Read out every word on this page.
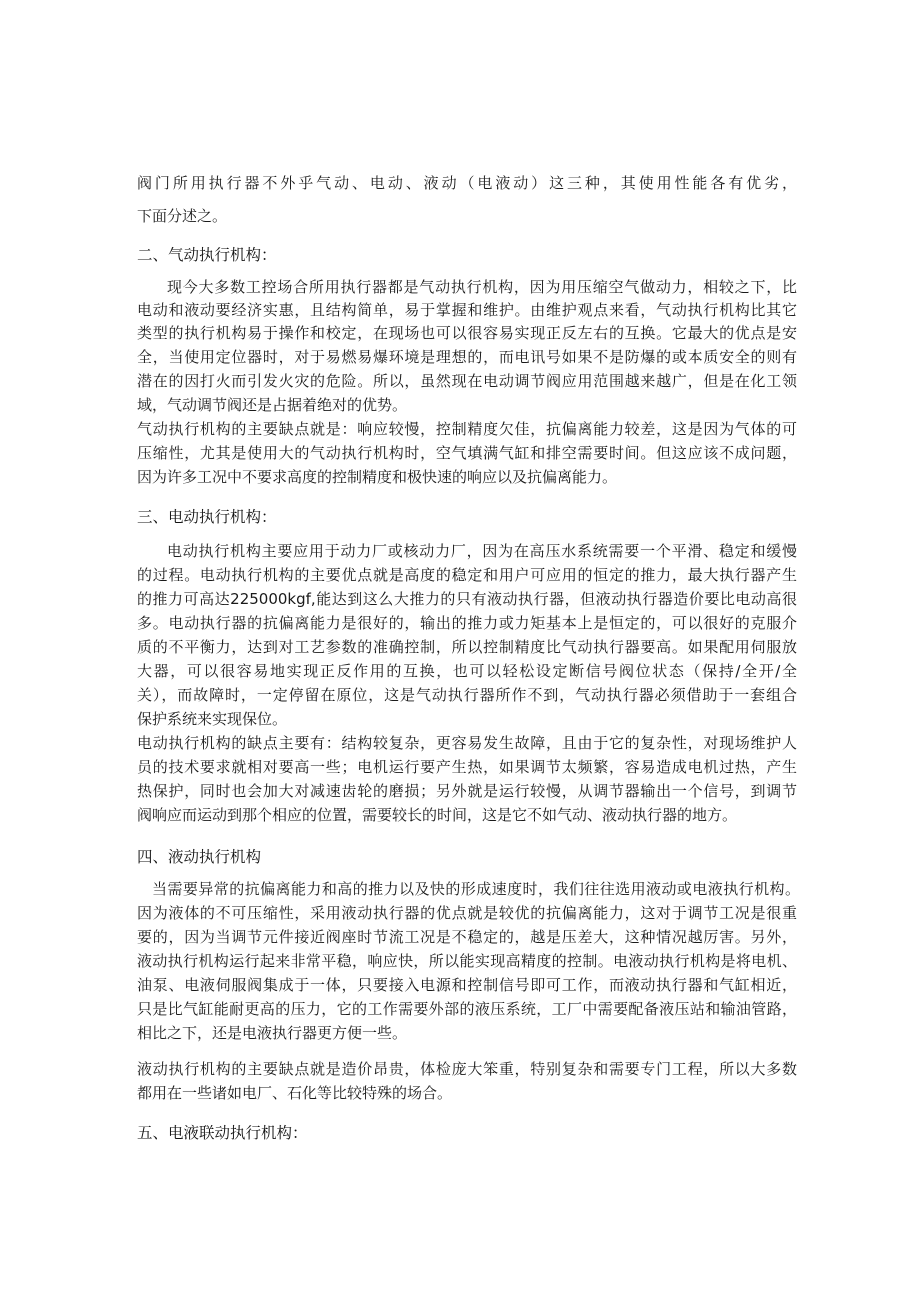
阀门所用执行器不外乎气动、电动、液动（电液动）这三种，其使用性能各有优劣，
下面分述之。
二、气动执行机构：
现今大多数工控场合所用执行器都是气动执行机构，因为用压缩空气做动力，相较之下，比
电动和液动要经济实惠，且结构简单，易于掌握和维护。由维护观点来看，气动执行机构比其它
类型的执行机构易于操作和校定，在现场也可以很容易实现正反左右的互换。它最大的优点是安
全，当使用定位器时，对于易燃易爆环境是理想的，而电讯号如果不是防爆的或本质安全的则有
潜在的因打火而引发火灾的危险。所以，虽然现在电动调节阀应用范围越来越广，但是在化工领
域，气动调节阀还是占据着绝对的优势。
气动执行机构的主要缺点就是：响应较慢，控制精度欠佳，抗偏离能力较差，这是因为气体的可
压缩性，尤其是使用大的气动执行机构时，空气填满气缸和排空需要时间。但这应该不成问题，
因为许多工况中不要求高度的控制精度和极快速的响应以及抗偏离能力。
三、电动执行机构：
电动执行机构主要应用于动力厂或核动力厂，因为在高压水系统需要一个平滑、稳定和缓慢
的过程。电动执行机构的主要优点就是高度的稳定和用户可应用的恒定的推力，最大执行器产生
的推力可高达225000kgf,能达到这么大推力的只有液动执行器，但液动执行器造价要比电动高很
多。电动执行器的抗偏离能力是很好的，输出的推力或力矩基本上是恒定的，可以很好的克服介
质的不平衡力，达到对工艺参数的准确控制，所以控制精度比气动执行器要高。如果配用伺服放
大器，可以很容易地实现正反作用的互换，也可以轻松设定断信号阀位状态（保持/全开/全
关），而故障时，一定停留在原位，这是气动执行器所作不到，气动执行器必须借助于一套组合
保护系统来实现保位。
电动执行机构的缺点主要有：结构较复杂，更容易发生故障，且由于它的复杂性，对现场维护人
员的技术要求就相对要高一些；电机运行要产生热，如果调节太频繁，容易造成电机过热，产生
热保护，同时也会加大对减速齿轮的磨损；另外就是运行较慢，从调节器输出一个信号，到调节
阀响应而运动到那个相应的位置，需要较长的时间，这是它不如气动、液动执行器的地方。
四、液动执行机构
当需要异常的抗偏离能力和高的推力以及快的形成速度时，我们往往选用液动或电液执行机构。
因为液体的不可压缩性，采用液动执行器的优点就是较优的抗偏离能力，这对于调节工况是很重
要的，因为当调节元件接近阀座时节流工况是不稳定的，越是压差大，这种情况越厉害。另外，
液动执行机构运行起来非常平稳，响应快，所以能实现高精度的控制。电液动执行机构是将电机、
油泵、电液伺服阀集成于一体，只要接入电源和控制信号即可工作，而液动执行器和气缸相近，
只是比气缸能耐更高的压力，它的工作需要外部的液压系统，工厂中需要配备液压站和输油管路，
相比之下，还是电液执行器更方便一些。
液动执行机构的主要缺点就是造价昂贵，体检庞大笨重，特别复杂和需要专门工程，所以大多数
都用在一些诸如电厂、石化等比较特殊的场合。
五、电液联动执行机构：
